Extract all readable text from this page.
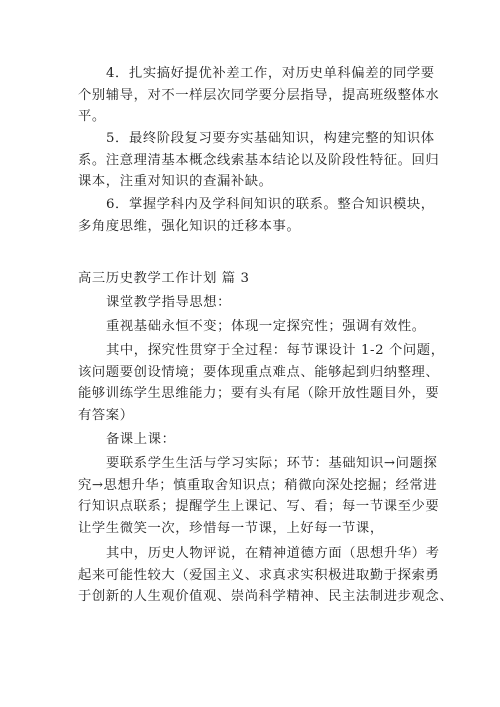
4．扎实搞好提优补差工作，对历史单科偏差的同学要
个别辅导，对不一样层次同学要分层指导，提高班级整体水
平。
5．最终阶段复习要夯实基础知识，构建完整的知识体
系。注意理清基本概念线索基本结论以及阶段性特征。回归
课本，注重对知识的查漏补缺。
6．掌握学科内及学科间知识的联系。整合知识模块，
多角度思维，强化知识的迁移本事。
高三历史教学工作计划 篇 3
课堂教学指导思想：
重视基础永恒不变；体现一定探究性；强调有效性。
其中，探究性贯穿于全过程：每节课设计 1-2 个问题，
该问题要创设情境；要体现重点难点、能够起到归纳整理、
能够训练学生思维能力；要有头有尾（除开放性题目外，要
有答案）
备课上课：
要联系学生生活与学习实际；环节：基础知识→问题探
究→思想升华；慎重取舍知识点；稍微向深处挖掘；经常进
行知识点联系；提醒学生上课记、写、看；每一节课至少要
让学生微笑一次，珍惜每一节课，上好每一节课，
其中，历史人物评说，在精神道德方面（思想升华）考
起来可能性较大（爱国主义、求真求实积极进取勤于探索勇
于创新的人生观价值观、崇尚科学精神、民主法制进步观念、
